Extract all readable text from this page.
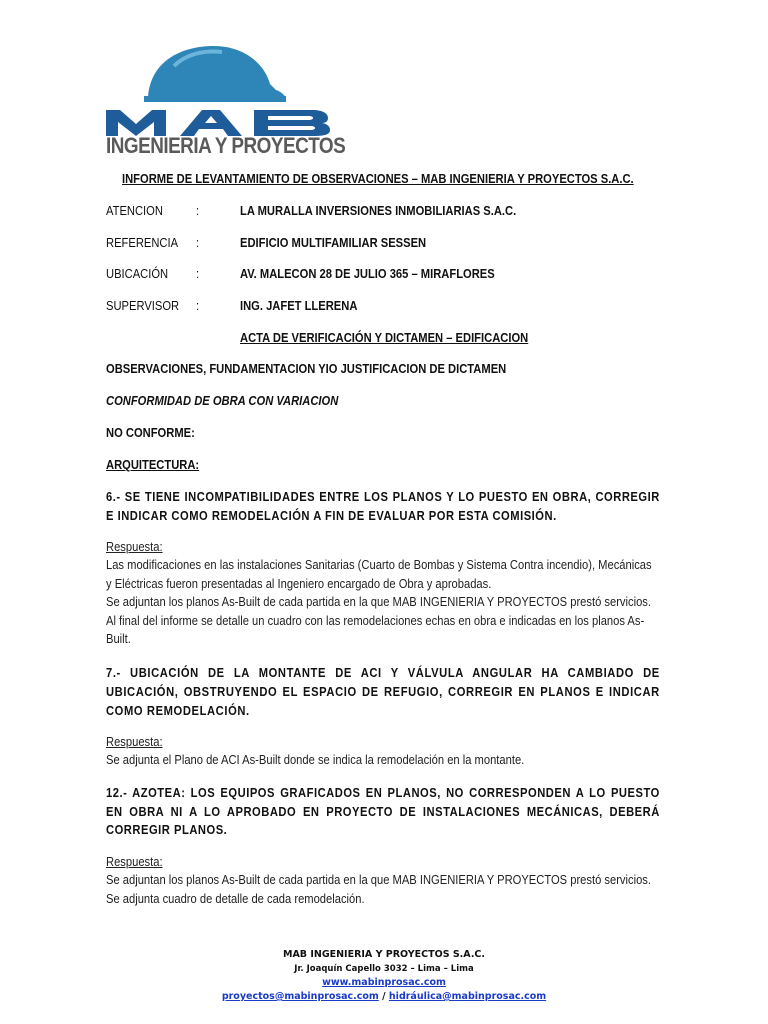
INGENIERIA Y PROYECTOS
INFORME DE LEVANTAMIENTO DE OBSERVACIONES – MAB INGENIERIA Y PROYECTOS S.A.C.
ATENCION	:	LA MURALLA INVERSIONES INMOBILIARIAS S.A.C.
REFERENCIA :	EDIFICIO MULTIFAMILIAR SESSEN
UBICACIÓN :	AV. MALECON 28 DE JULIO 365 – MIRAFLORES
SUPERVISOR :	ING. JAFET LLERENA
ACTA DE VERIFICACIÓN Y DICTAMEN – EDIFICACION
OBSERVACIONES, FUNDAMENTACION YIO JUSTIFICACION DE DICTAMEN
CONFORMIDAD DE OBRA CON VARIACION
NO CONFORME:
ARQUITECTURA:
6.- SE TIENE INCOMPATIBILIDADES ENTRE LOS PLANOS Y LO PUESTO EN OBRA, CORREGIR E INDICAR COMO REMODELACIÓN A FIN DE EVALUAR POR ESTA COMISIÓN.
Respuesta:
Las modificaciones en las instalaciones Sanitarias (Cuarto de Bombas y Sistema Contra incendio), Mecánicas y Eléctricas fueron presentadas al Ingeniero encargado de Obra y aprobadas.
Se adjuntan los planos As-Built de cada partida en la que MAB INGENIERIA Y PROYECTOS prestó servicios.
Al final del informe se detalle un cuadro con las remodelaciones echas en obra e indicadas en los planos As-Built.
7.- UBICACIÓN DE LA MONTANTE DE ACI Y VÁLVULA ANGULAR HA CAMBIADO DE UBICACIÓN, OBSTRUYENDO EL ESPACIO DE REFUGIO, CORREGIR EN PLANOS E INDICAR COMO REMODELACIÓN.
Respuesta:
Se adjunta el Plano de ACI As-Built donde se indica la remodelación en la montante.
12.- AZOTEA: LOS EQUIPOS GRAFICADOS EN PLANOS, NO CORRESPONDEN A LO PUESTO EN OBRA NI A LO APROBADO EN PROYECTO DE INSTALACIONES MECÁNICAS, DEBERÁ CORREGIR PLANOS.
Respuesta:
Se adjuntan los planos As-Built de cada partida en la que MAB INGENIERIA Y PROYECTOS prestó servicios.
Se adjunta cuadro de detalle de cada remodelación.
MAB INGENIERIA Y PROYECTOS S.A.C.
Jr. Joaquín Capello 3032 – Lima – Lima
www.mabinprosac.com
proyectos@mabinprosac.com / hidráulica@mabinprosac.com
